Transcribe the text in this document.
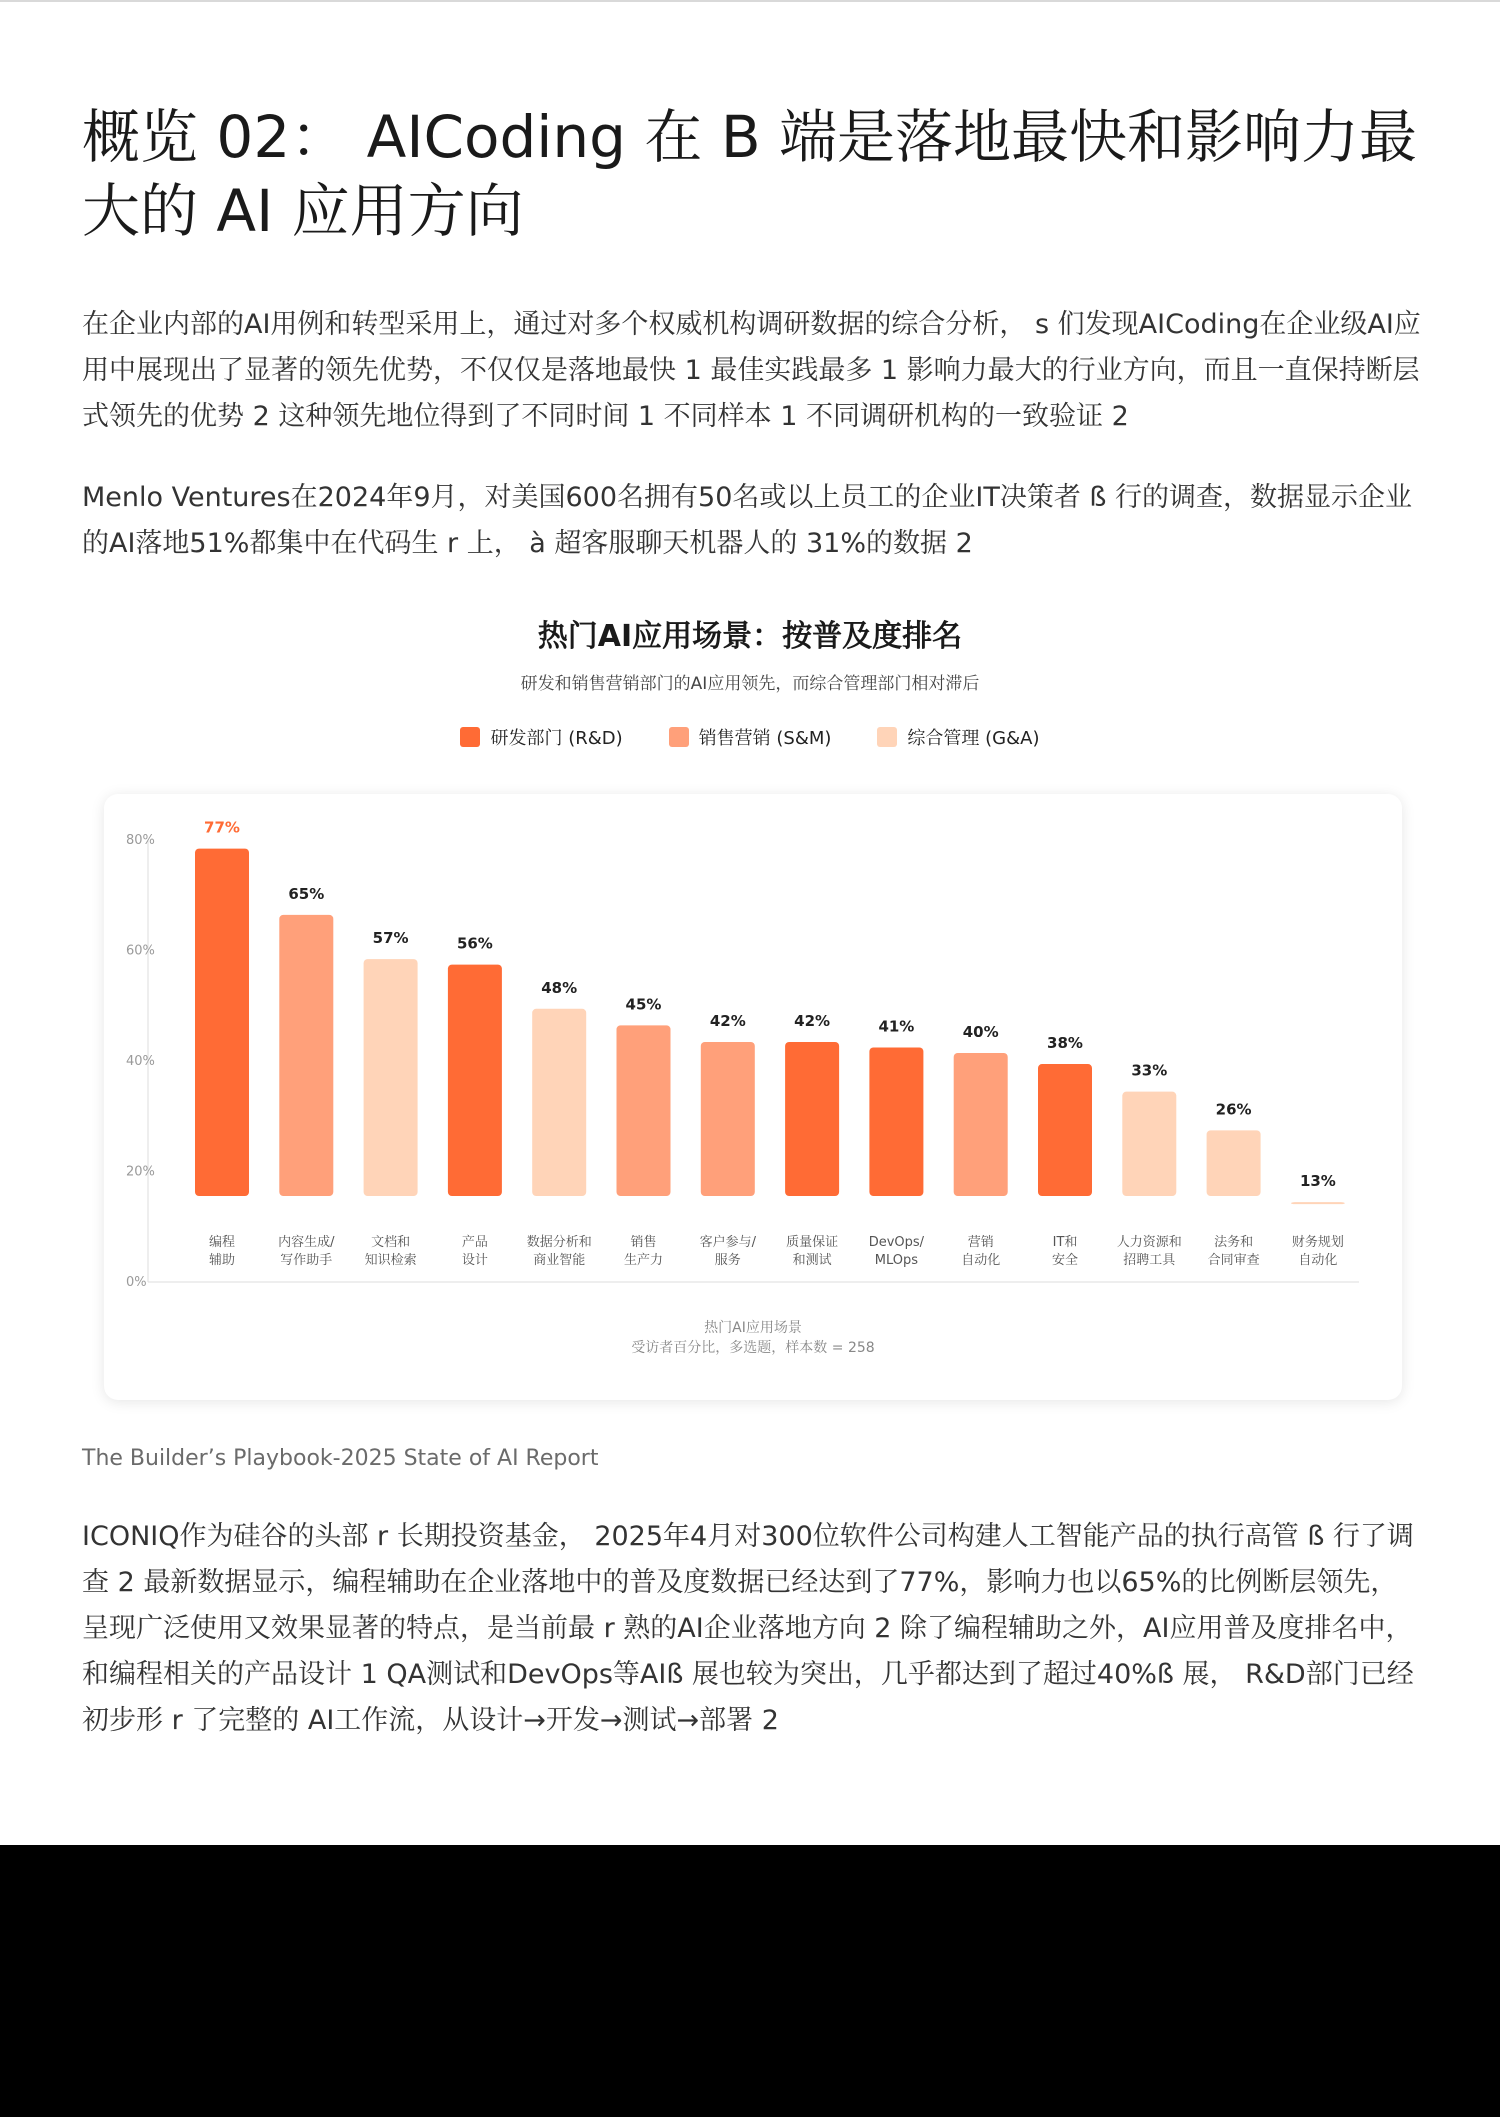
概览 02： AICoding 在 B 端是落地最快和影响力最大的 AI 应用方向

在企业内部的AI用例和转型采用上，通过对多个权威机构调研数据的综合分析， s 们发现AICoding在企业级AI应用中展现出了显著的领先优势，不仅仅是落地最快 1 最佳实践最多 1 影响力最大的行业方向，而且一直保持断层式领先的优势 2 这种领先地位得到了不同时间 1 不同样本 1 不同调研机构的一致验证 2

Menlo Ventures在2024年9月，对美国600名拥有50名或以上员工的企业IT决策者 ß 行的调查，数据显示企业的AI落地51%都集中在代码生 r 上， à 超客服聊天机器人的 31%的数据 2

热门AI应用场景：按普及度排名
研发和销售营销部门的AI应用领先，而综合管理部门相对滞后
研发部门 (R&D)	销售营销 (S&M)	综合管理 (G&A)
0%
20%
40%
60%
80%
77%
编程
辅助
65%
内容生成/
写作助手
57%
文档和
知识检索
56%
产品
设计
48%
数据分析和
商业智能
45%
销售
生产力
42%
客户参与/
服务
42%
质量保证
和测试
41%
DevOps/
MLOps
40%
营销
自动化
38%
IT和
安全
33%
人力资源和
招聘工具
26%
法务和
合同审查
13%
财务规划
自动化
热门AI应用场景
受访者百分比，多选题，样本数 = 258

The Builder’s Playbook-2025 State of AI Report

ICONIQ作为硅谷的头部 r 长期投资基金， 2025年4月对300位软件公司构建人工智能产品的执行高管 ß 行了调查 2 最新数据显示，编程辅助在企业落地中的普及度数据已经达到了77%，影响力也以65%的比例断层领先，呈现广泛使用又效果显著的特点，是当前最 r 熟的AI企业落地方向 2 除了编程辅助之外，AI应用普及度排名中，和编程相关的产品设计 1 QA测试和DevOps等AIß 展也较为突出，几乎都达到了超过40%ß 展， R&D部门已经初步形 r 了完整的 AI工作流，从设计→开发→测试→部署 2
